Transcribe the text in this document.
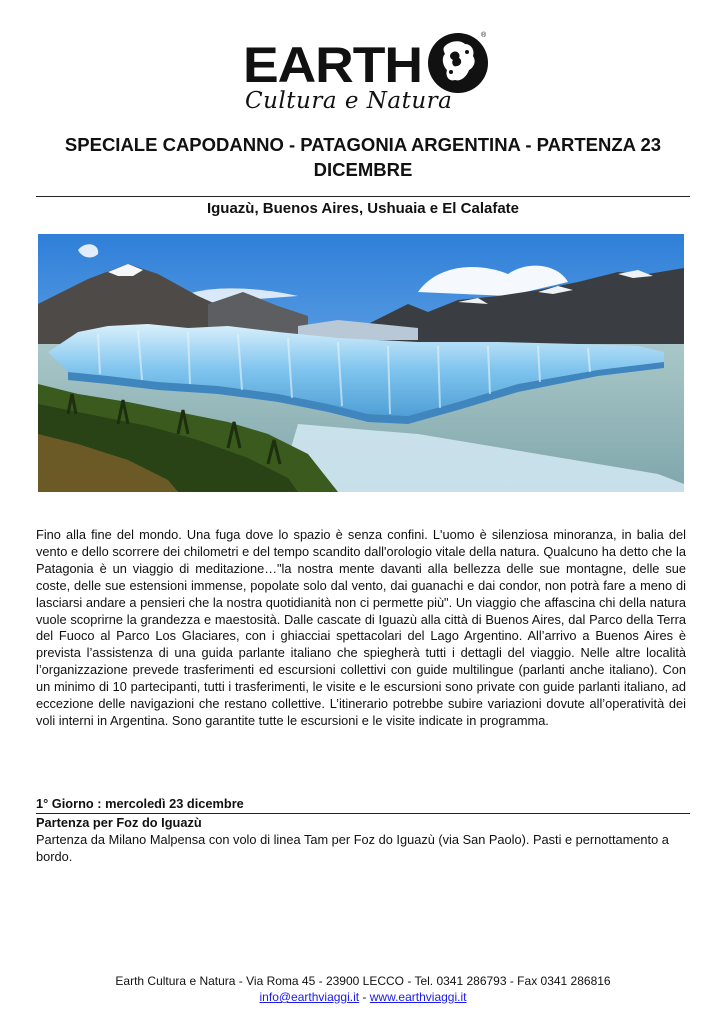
EARTH
®
Cultura e Natura
SPECIALE CAPODANNO - PATAGONIA ARGENTINA - PARTENZA 23 DICEMBRE
Iguazù, Buenos Aires, Ushuaia e El Calafate

Fino alla fine del mondo. Una fuga dove lo spazio è senza confini. L'uomo è silenziosa minoranza, in balia del vento e dello scorrere dei chilometri e del tempo scandito dall'orologio vitale della natura. Qualcuno ha detto che la Patagonia è un viaggio di meditazione…"la nostra mente davanti alla bellezza delle sue montagne, delle sue coste, delle sue estensioni immense, popolate solo dal vento, dai guanachi e dai condor, non potrà fare a meno di lasciarsi andare a pensieri che la nostra quotidianità non ci permette più". Un viaggio che affascina chi della natura vuole scoprirne la grandezza e maestosità. Dalle cascate di Iguazù alla città di Buenos Aires, dal Parco della Terra del Fuoco al Parco Los Glaciares, con i ghiacciai spettacolari del Lago Argentino. All’arrivo a Buenos Aires è prevista l’assistenza di una guida parlante italiano che spiegherà tutti i dettagli del viaggio. Nelle altre località l’organizzazione prevede trasferimenti ed escursioni collettivi con guide multilingue (parlanti anche italiano). Con un minimo di 10 partecipanti, tutti i trasferimenti, le visite e le escursioni sono private con guide parlanti italiano, ad eccezione delle navigazioni che restano collettive. L’itinerario potrebbe subire variazioni dovute all’operatività dei voli interni in Argentina. Sono garantite tutte le escursioni e le visite indicate in programma.

1° Giorno : mercoledì 23 dicembre

Partenza per Foz do Iguazù

Partenza da Milano Malpensa con volo di linea Tam per Foz do Iguazù (via San Paolo). Pasti e pernottamento a bordo.

Earth Cultura e Natura - Via Roma 45 - 23900 LECCO - Tel. 0341 286793 - Fax 0341 286816
info@earthviaggi.it - www.earthviaggi.it
